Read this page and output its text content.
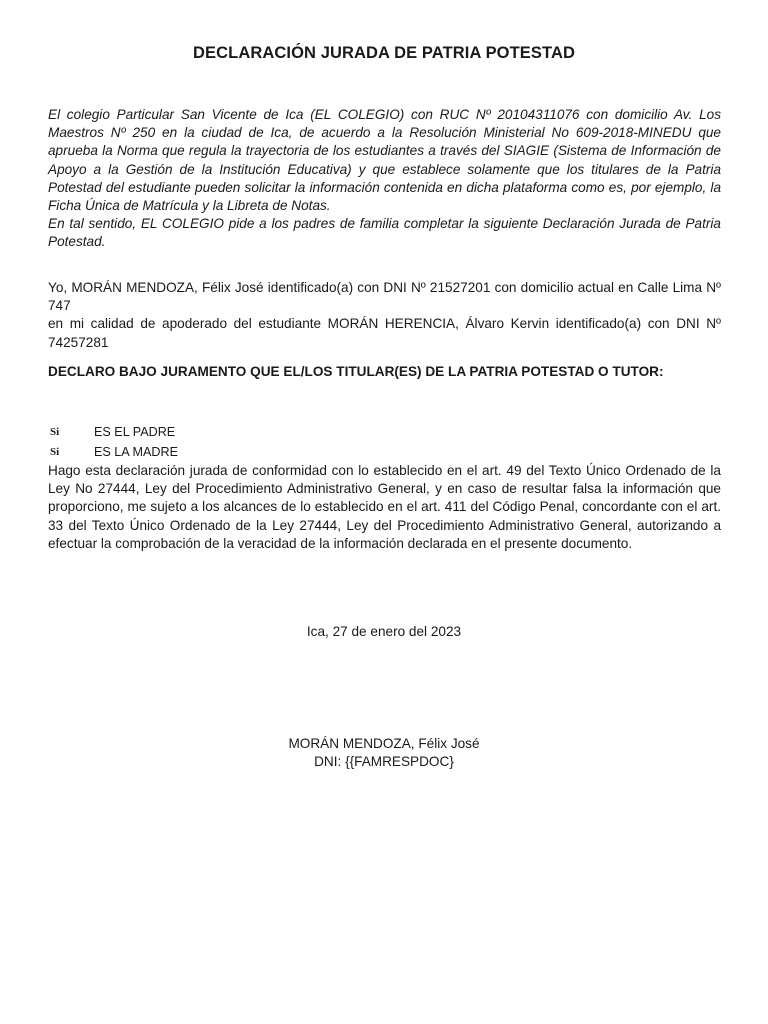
DECLARACIÓN JURADA DE PATRIA POTESTAD

El colegio Particular San Vicente de Ica (EL COLEGIO) con RUC Nº 20104311076 con domicilio Av. Los Maestros Nº 250 en la ciudad de Ica, de acuerdo a la Resolución Ministerial No 609-2018-MINEDU que aprueba la Norma que regula la trayectoria de los estudiantes a través del SIAGIE (Sistema de Información de Apoyo a la Gestión de la Institución Educativa) y que establece solamente que los titulares de la Patria Potestad del estudiante pueden solicitar la información contenida en dicha plataforma como es, por ejemplo, la Ficha Única de Matrícula y la Libreta de Notas.

En tal sentido, EL COLEGIO pide a los padres de familia completar la siguiente Declaración Jurada de Patria Potestad.

Yo, MORÁN MENDOZA, Félix José identificado(a) con DNI Nº 21527201 con domicilio actual en Calle Lima Nº 747

en mi calidad de apoderado del estudiante MORÁN HERENCIA, Álvaro Kervin identificado(a) con DNI Nº 74257281

DECLARO BAJO JURAMENTO QUE EL/LOS TITULAR(ES) DE LA PATRIA POTESTAD O TUTOR:
Si	ES EL PADRE
Si	ES LA MADRE

Hago esta declaración jurada de conformidad con lo establecido en el art. 49 del Texto Único Ordenado de la Ley No 27444, Ley del Procedimiento Administrativo General, y en caso de resultar falsa la información que proporciono, me sujeto a los alcances de lo establecido en el art. 411 del Código Penal, concordante con el art. 33 del Texto Único Ordenado de la Ley 27444, Ley del Procedimiento Administrativo General, autorizando a efectuar la comprobación de la veracidad de la información declarada en el presente documento.

Ica, 27 de enero del 2023
MORÁN MENDOZA, Félix José
DNI: {{FAMRESPDOC}
